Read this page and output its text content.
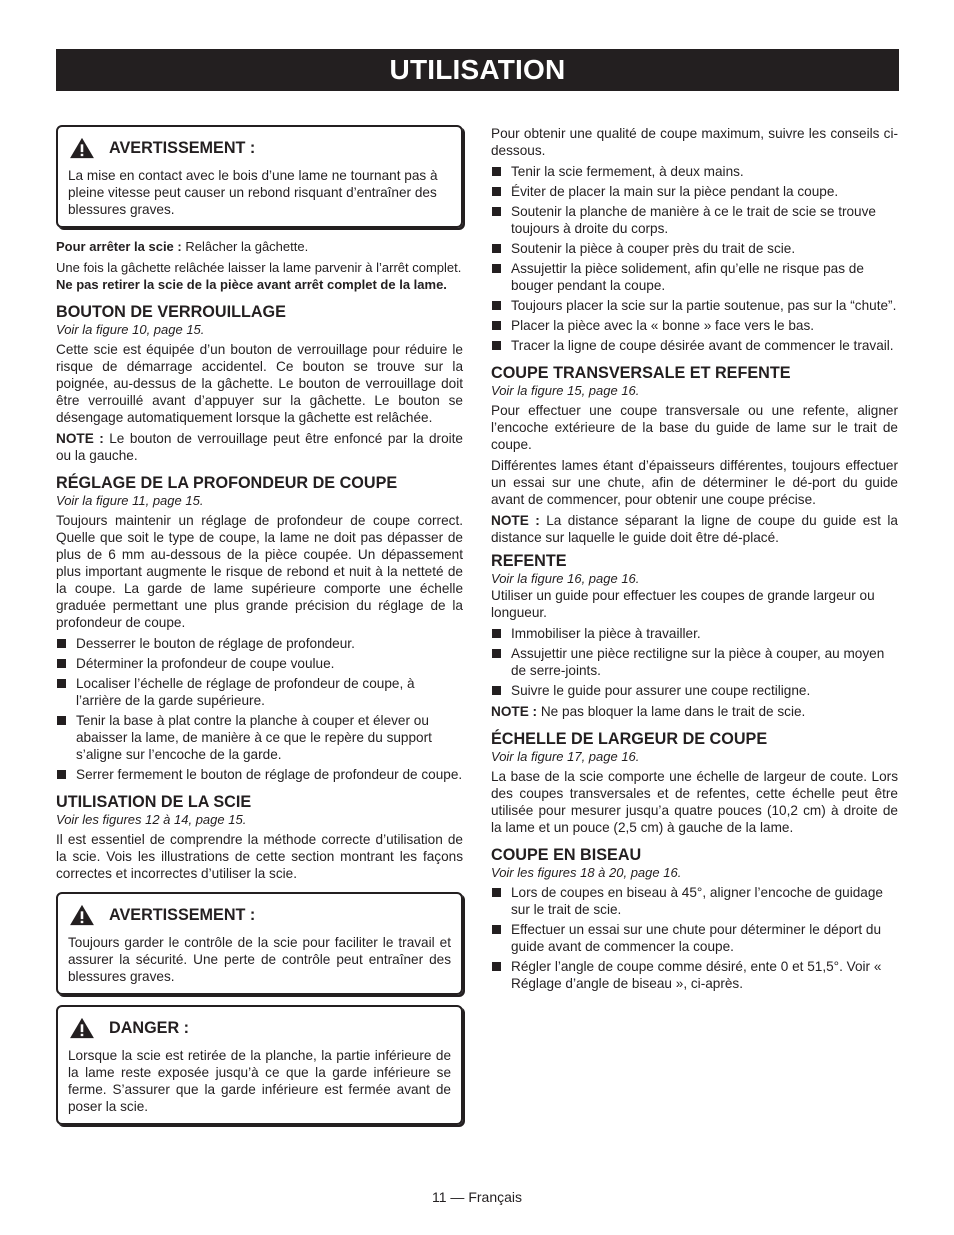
UTILISATION
AVERTISSEMENT :

La mise en contact avec le bois d’une lame ne tournant pas à pleine vitesse peut causer un rebond risquant d’entraîner des blessures graves.

Pour arrêter la scie : Relâcher la gâchette.

Une fois la gâchette relâchée laisser la lame parvenir à l’arrêt complet. Ne pas retirer la scie de la pièce avant arrêt complet de la lame.

BOUTON DE VERROUILLAGE
Voir la figure 10, page 15.

Cette scie est équipée d’un bouton de verrouillage pour réduire le risque de démarrage accidentel. Ce bouton se trouve sur la poignée, au-dessus de la gâchette. Le bouton de verrouillage doit être verrouillé avant d’appuyer sur la gâchette. Le bouton se désengage automatiquement lorsque la gâchette est relâchée.

NOTE : Le bouton de verrouillage peut être enfoncé par la droite ou la gauche.

RÉGLAGE DE LA PROFONDEUR DE COUPE
Voir la figure 11, page 15.

Toujours maintenir un réglage de profondeur de coupe correct. Quelle que soit le type de coupe, la lame ne doit pas dépasser de plus de 6 mm au-dessous de la pièce coupée. Un dépassement plus important augmente le risque de rebond et nuit à la netteté de la coupe. La garde de lame supérieure comporte une échelle graduée permettant une plus grande précision du réglage de la profondeur de coupe.

Desserrer le bouton de réglage de profondeur.
Déterminer la profondeur de coupe voulue.
Localiser l’échelle de réglage de profondeur de coupe, à l’arrière de la garde supérieure.
Tenir la base à plat contre la planche à couper et élever ou abaisser la lame, de manière à ce que le repère du support s’aligne sur l’encoche de la garde.
Serrer fermement le bouton de réglage de profondeur de coupe.
UTILISATION DE LA SCIE
Voir les figures 12 à 14, page 15.

Il est essentiel de comprendre la méthode correcte d’utilisation de la scie. Vois les illustrations de cette section montrant les façons correctes et incorrectes d’utiliser la scie.

AVERTISSEMENT :

Toujours garder le contrôle de la scie pour faciliter le travail et assurer la sécurité. Une perte de contrôle peut entraîner des blessures graves.

DANGER :

Lorsque la scie est retirée de la planche, la partie inférieure de la lame reste exposée jusqu’à ce que la garde inférieure se ferme. S’assurer que la garde inférieure est fermée avant de poser la scie.

Pour obtenir une qualité de coupe maximum, suivre les conseils ci-dessous.

Tenir la scie fermement, à deux mains.
Éviter de placer la main sur la pièce pendant la coupe.
Soutenir la planche de manière à ce le trait de scie se trouve toujours à droite du corps.
Soutenir la pièce à couper près du trait de scie.
Assujettir la pièce solidement, afin qu’elle ne risque pas de bouger pendant la coupe.
Toujours placer la scie sur la partie soutenue, pas sur la “chute”.
Placer la pièce avec la « bonne » face vers le bas.
Tracer la ligne de coupe désirée avant de commencer le travail.
COUPE TRANSVERSALE ET REFENTE
Voir la figure 15, page 16.

Pour effectuer une coupe transversale ou une refente, aligner l’encoche extérieure de la base du guide de lame sur le trait de coupe.

Différentes lames étant d’épaisseurs différentes, toujours effectuer un essai sur une chute, afin de déterminer le dé-port du guide avant de commencer, pour obtenir une coupe précise.

NOTE : La distance séparant la ligne de coupe du guide est la distance sur laquelle le guide doit être dé-placé.

REFENTE
Voir la figure 16, page 16.

Utiliser un guide pour effectuer les coupes de grande largeur ou longueur.

Immobiliser la pièce à travailler.
Assujettir une pièce rectiligne sur la pièce à couper, au moyen de serre-joints.
Suivre le guide pour assurer une coupe rectiligne.

NOTE : Ne pas bloquer la lame dans le trait de scie.

ÉCHELLE DE LARGEUR DE COUPE
Voir la figure 17, page 16.

La base de la scie comporte une échelle de largeur de coute. Lors des coupes transversales et de refentes, cette échelle peut être utilisée pour mesurer jusqu’a quatre pouces (10,2 cm) à droite de la lame et un pouce (2,5 cm) à gauche de la lame.

COUPE EN BISEAU
Voir les figures 18 à 20, page 16.
Lors de coupes en biseau à 45°, aligner l’encoche de guidage sur le trait de scie.
Effectuer un essai sur une chute pour déterminer le déport du guide avant de commencer la coupe.
Régler l’angle de coupe comme désiré, ente 0 et 51,5°. Voir « Réglage d’angle de biseau », ci-après.
11 — Français
